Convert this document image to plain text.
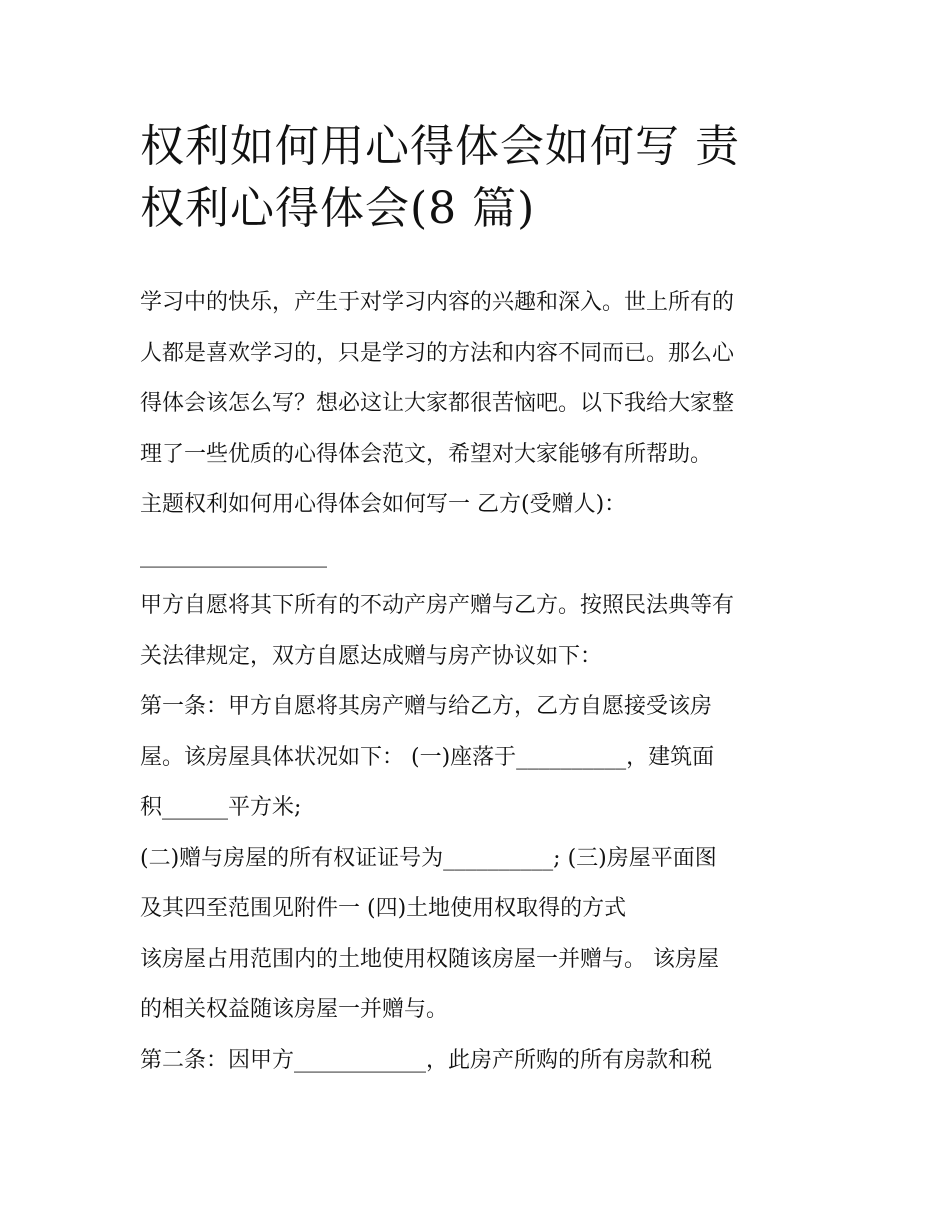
权利如何用心得体会如何写 责
权利心得体会(8 篇)
学习中的快乐，产生于对学习内容的兴趣和深入。世上所有的
人都是喜欢学习的，只是学习的方法和内容不同而已。那么心
得体会该怎么写？想必这让大家都很苦恼吧。以下我给大家整
理了一些优质的心得体会范文，希望对大家能够有所帮助。
主题权利如何用心得体会如何写一 乙方(受赠人)：
_________________
甲方自愿将其下所有的不动产房产赠与乙方。按照民法典等有
关法律规定，双方自愿达成赠与房产协议如下：
第一条：甲方自愿将其房产赠与给乙方，乙方自愿接受该房
屋。该房屋具体状况如下： (一)座落于__________，建筑面
积______平方米;
(二)赠与房屋的所有权证证号为__________; (三)房屋平面图
及其四至范围见附件一 (四)土地使用权取得的方式
该房屋占用范围内的土地使用权随该房屋一并赠与。 该房屋
的相关权益随该房屋一并赠与。
第二条：因甲方____________，此房产所购的所有房款和税
